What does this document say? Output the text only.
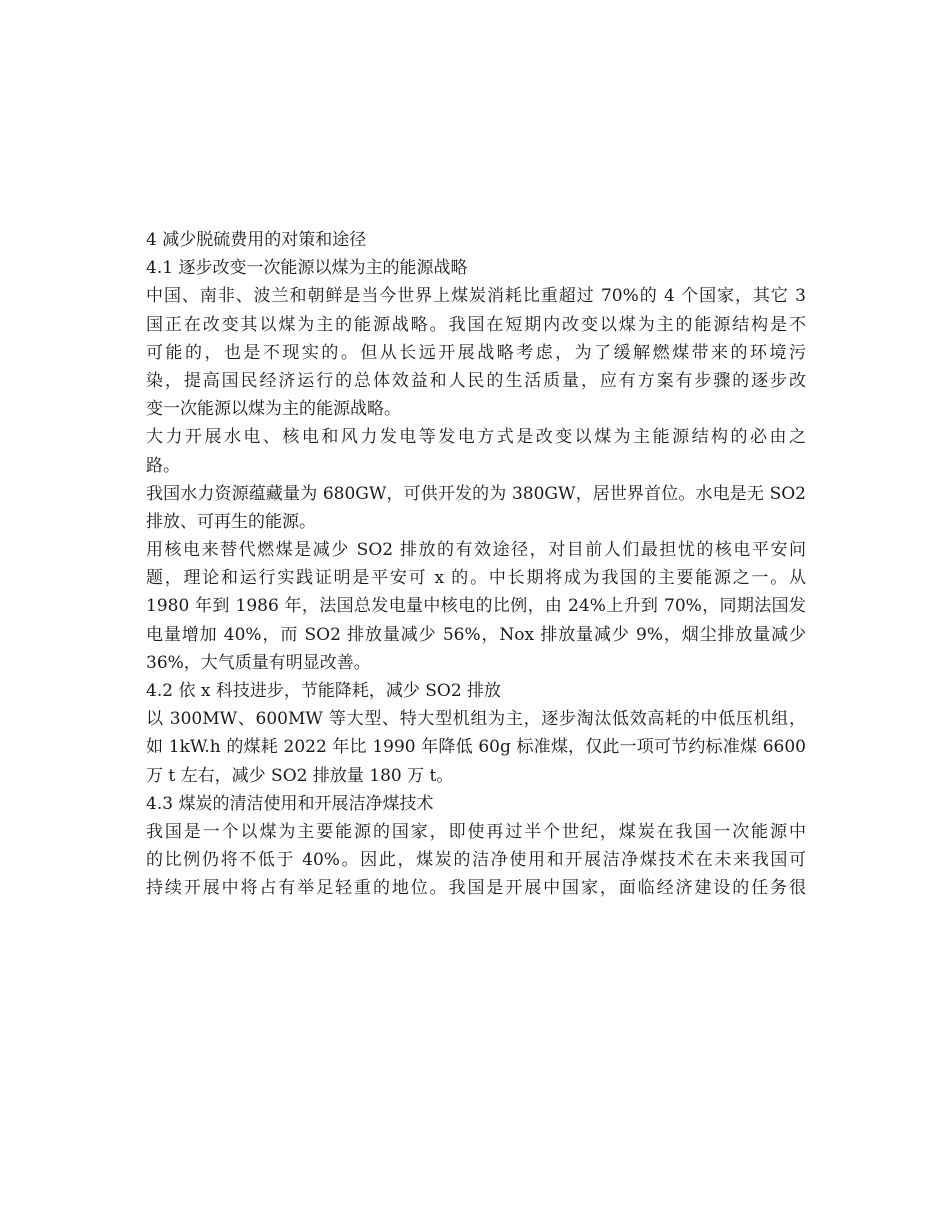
4 减少脱硫费用的对策和途径
4.1 逐步改变一次能源以煤为主的能源战略
中国、南非、波兰和朝鲜是当今世界上煤炭消耗比重超过 70%的 4 个国家，其它 3
国正在改变其以煤为主的能源战略。我国在短期内改变以煤为主的能源结构是不
可能的，也是不现实的。但从长远开展战略考虑，为了缓解燃煤带来的环境污
染，提高国民经济运行的总体效益和人民的生活质量，应有方案有步骤的逐步改
变一次能源以煤为主的能源战略。
大力开展水电、核电和风力发电等发电方式是改变以煤为主能源结构的必由之
路。
我国水力资源蕴藏量为 680GW，可供开发的为 380GW，居世界首位。水电是无 SO2
排放、可再生的能源。
用核电来替代燃煤是减少 SO2 排放的有效途径，对目前人们最担忧的核电平安问
题，理论和运行实践证明是平安可 x 的。中长期将成为我国的主要能源之一。从
1980 年到 1986 年，法国总发电量中核电的比例，由 24%上升到 70%，同期法国发
电量增加 40%，而 SO2 排放量减少 56%，Nox 排放量减少 9%，烟尘排放量减少
36%，大气质量有明显改善。
4.2 依 x 科技进步，节能降耗，减少 SO2 排放
以 300MW、600MW 等大型、特大型机组为主，逐步淘汰低效高耗的中低压机组，
如 1kW.h 的煤耗 2022 年比 1990 年降低 60g 标准煤，仅此一项可节约标准煤 6600
万 t 左右，减少 SO2 排放量 180 万 t。
4.3 煤炭的清洁使用和开展洁净煤技术
我国是一个以煤为主要能源的国家，即使再过半个世纪，煤炭在我国一次能源中
的比例仍将不低于 40%。因此，煤炭的洁净使用和开展洁净煤技术在未来我国可
持续开展中将占有举足轻重的地位。我国是开展中国家，面临经济建设的任务很
